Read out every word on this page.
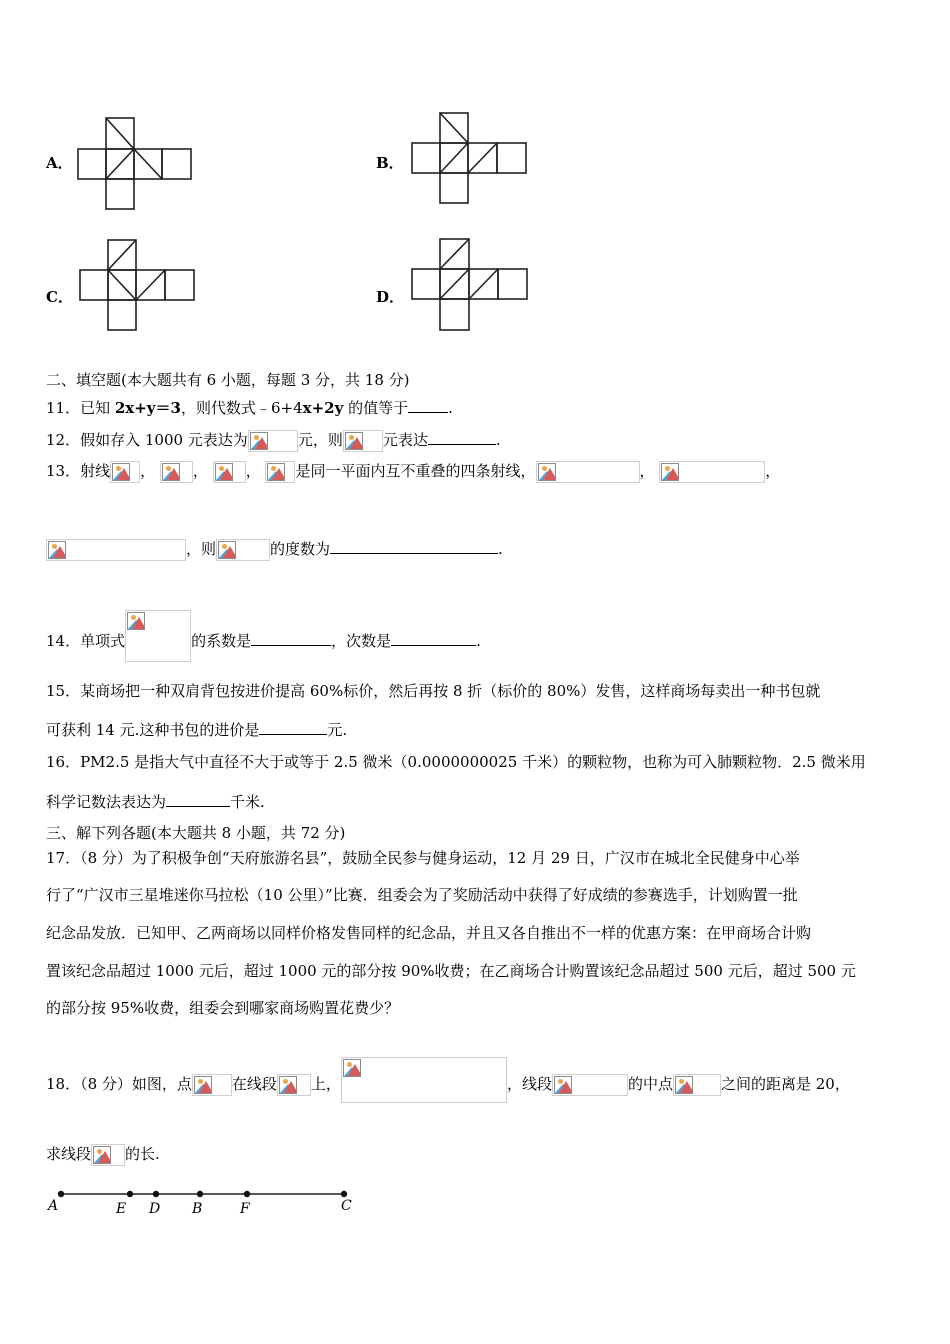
A．	B．
C．	D．
二、填空题(本大题共有 6 小题，每题 3 分，共 18 分)
11．已知 2x+y＝3，则代数式﹣6+4x+2y 的值等于	.
12．假如存入 1000 元表达为	元，则	元表达	.
13．射线 ，	，	， 是同一平面内互不重叠的四条射线，	，	，
，则	的度数为	.
14．单项式	的系数是	，次数是	.
15．某商场把一种双肩背包按进价提高 60%标价，然后再按 8 折（标价的 80%）发售，这样商场每卖出一种书包就
可获利 14 元.这种书包的进价是	元.
16．PM2.5 是指大气中直径不大于或等于 2.5 微米（0.0000000025 千米）的颗粒物，也称为可入肺颗粒物．2.5 微米用
科学记数法表达为	千米.
三、解下列各题(本大题共 8 小题，共 72 分)
17．（8 分）为了积极争创“天府旅游名县”，鼓励全民参与健身运动，12 月 29 日，广汉市在城北全民健身中心举
行了“广汉市三星堆迷你马拉松（10 公里）”比赛．组委会为了奖励活动中获得了好成绩的参赛选手，计划购置一批
纪念品发放．已知甲、乙两商场以同样价格发售同样的纪念品，并且又各自推出不一样的优惠方案：在甲商场合计购
置该纪念品超过 1000 元后，超过 1000 元的部分按 90%收费；在乙商场合计购置该纪念品超过 500 元后，超过 500 元
的部分按 95%收费，组委会到哪家商场购置花费少？
18．（8 分）如图，点	在线段 上，	，线段	的中点	之间的距离是 20，
求线段 的长.
A	E D B	F	C
